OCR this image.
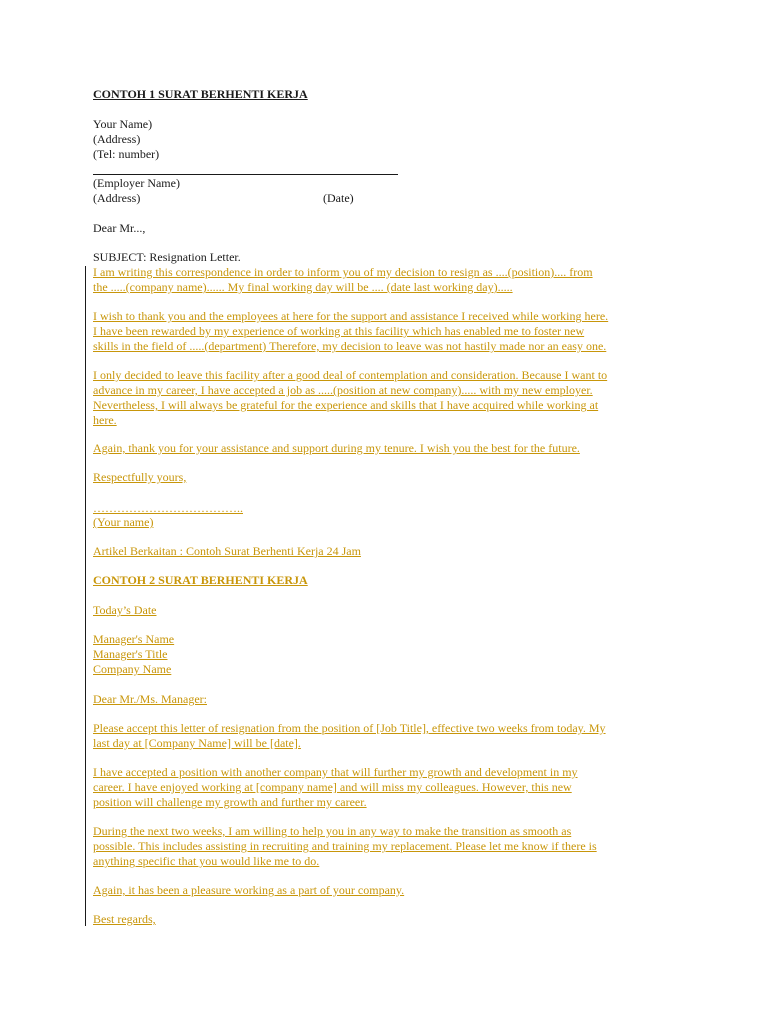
CONTOH 1 SURAT BERHENTI KERJA
Your Name)
(Address)
(Tel: number)
(Employer Name)
(Address)	(Date)
Dear Mr...,
SUBJECT: Resignation Letter.
I am writing this correspondence in order to inform you of my decision to resign as ....(position).... from
the .....(company name)...... My final working day will be .... (date last working day).....
I wish to thank you and the employees at here for the support and assistance I received while working here.
I have been rewarded by my experience of working at this facility which has enabled me to foster new
skills in the field of .....(department) Therefore, my decision to leave was not hastily made nor an easy one.
I only decided to leave this facility after a good deal of contemplation and consideration. Because I want to
advance in my career, I have accepted a job as .....(position at new company)..... with my new employer.
Nevertheless, I will always be grateful for the experience and skills that I have acquired while working at
here.
Again, thank you for your assistance and support during my tenure. I wish you the best for the future.
Respectfully yours,
………………………………..
(Your name)
Artikel Berkaitan : Contoh Surat Berhenti Kerja 24 Jam
CONTOH 2 SURAT BERHENTI KERJA
Today’s Date
Manager's Name
Manager's Title
Company Name
Dear Mr./Ms. Manager:
Please accept this letter of resignation from the position of [Job Title], effective two weeks from today. My
last day at [Company Name] will be [date].
I have accepted a position with another company that will further my growth and development in my
career. I have enjoyed working at [company name] and will miss my colleagues. However, this new
position will challenge my growth and further my career.
During the next two weeks, I am willing to help you in any way to make the transition as smooth as
possible. This includes assisting in recruiting and training my replacement. Please let me know if there is
anything specific that you would like me to do.
Again, it has been a pleasure working as a part of your company.
Best regards,
